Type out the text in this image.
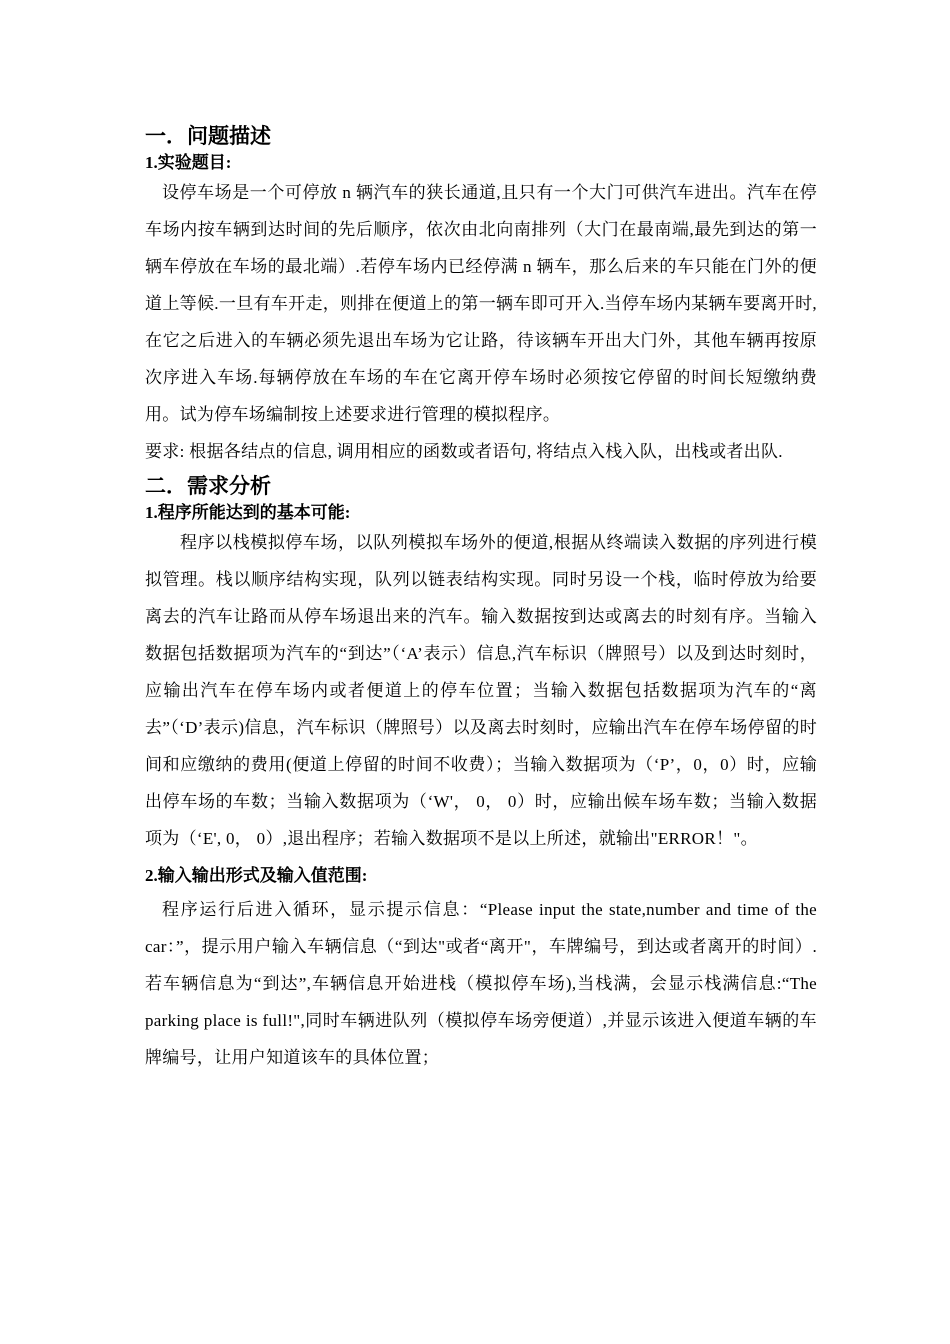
一．问题描述
1.实验题目:

设停车场是一个可停放 n 辆汽车的狭长通道,且只有一个大门可供汽车进出。汽车在停车场内按车辆到达时间的先后顺序，依次由北向南排列（大门在最南端,最先到达的第一辆车停放在车场的最北端）.若停车场内已经停满 n 辆车，那么后来的车只能在门外的便道上等候.一旦有车开走，则排在便道上的第一辆车即可开入.当停车场内某辆车要离开时,在它之后进入的车辆必须先退出车场为它让路，待该辆车开出大门外，其他车辆再按原次序进入车场.每辆停放在车场的车在它离开停车场时必须按它停留的时间长短缴纳费用。试为停车场编制按上述要求进行管理的模拟程序。

要求: 根据各结点的信息, 调用相应的函数或者语句, 将结点入栈入队，出栈或者出队.

二．需求分析
1.程序所能达到的基本可能:

程序以栈模拟停车场，以队列模拟车场外的便道,根据从终端读入数据的序列进行模拟管理。栈以顺序结构实现，队列以链表结构实现。同时另设一个栈，临时停放为给要离去的汽车让路而从停车场退出来的汽车。输入数据按到达或离去的时刻有序。当输入数据包括数据项为汽车的“到达”（‘A’表示）信息,汽车标识（牌照号）以及到达时刻时，应输出汽车在停车场内或者便道上的停车位置；当输入数据包括数据项为汽车的“离去”（‘D’表示)信息，汽车标识（牌照号）以及离去时刻时，应输出汽车在停车场停留的时间和应缴纳的费用(便道上停留的时间不收费）；当输入数据项为（‘P’，0，0）时，应输出停车场的车数；当输入数据项为（‘W'， 0， 0）时，应输出候车场车数；当输入数据项为（‘E', 0， 0）,退出程序；若输入数据项不是以上所述，就输出"ERROR！"。

2.输入输出形式及输入值范围:

程序运行后进入循环，显示提示信息：“Please input the state,number and time of the car：”，提示用户输入车辆信息（“到达"或者“离开"，车牌编号，到达或者离开的时间）.若车辆信息为“到达”,车辆信息开始进栈（模拟停车场),当栈满，会显示栈满信息:“The parking place is full!",同时车辆进队列（模拟停车场旁便道）,并显示该进入便道车辆的车牌编号，让用户知道该车的具体位置；
